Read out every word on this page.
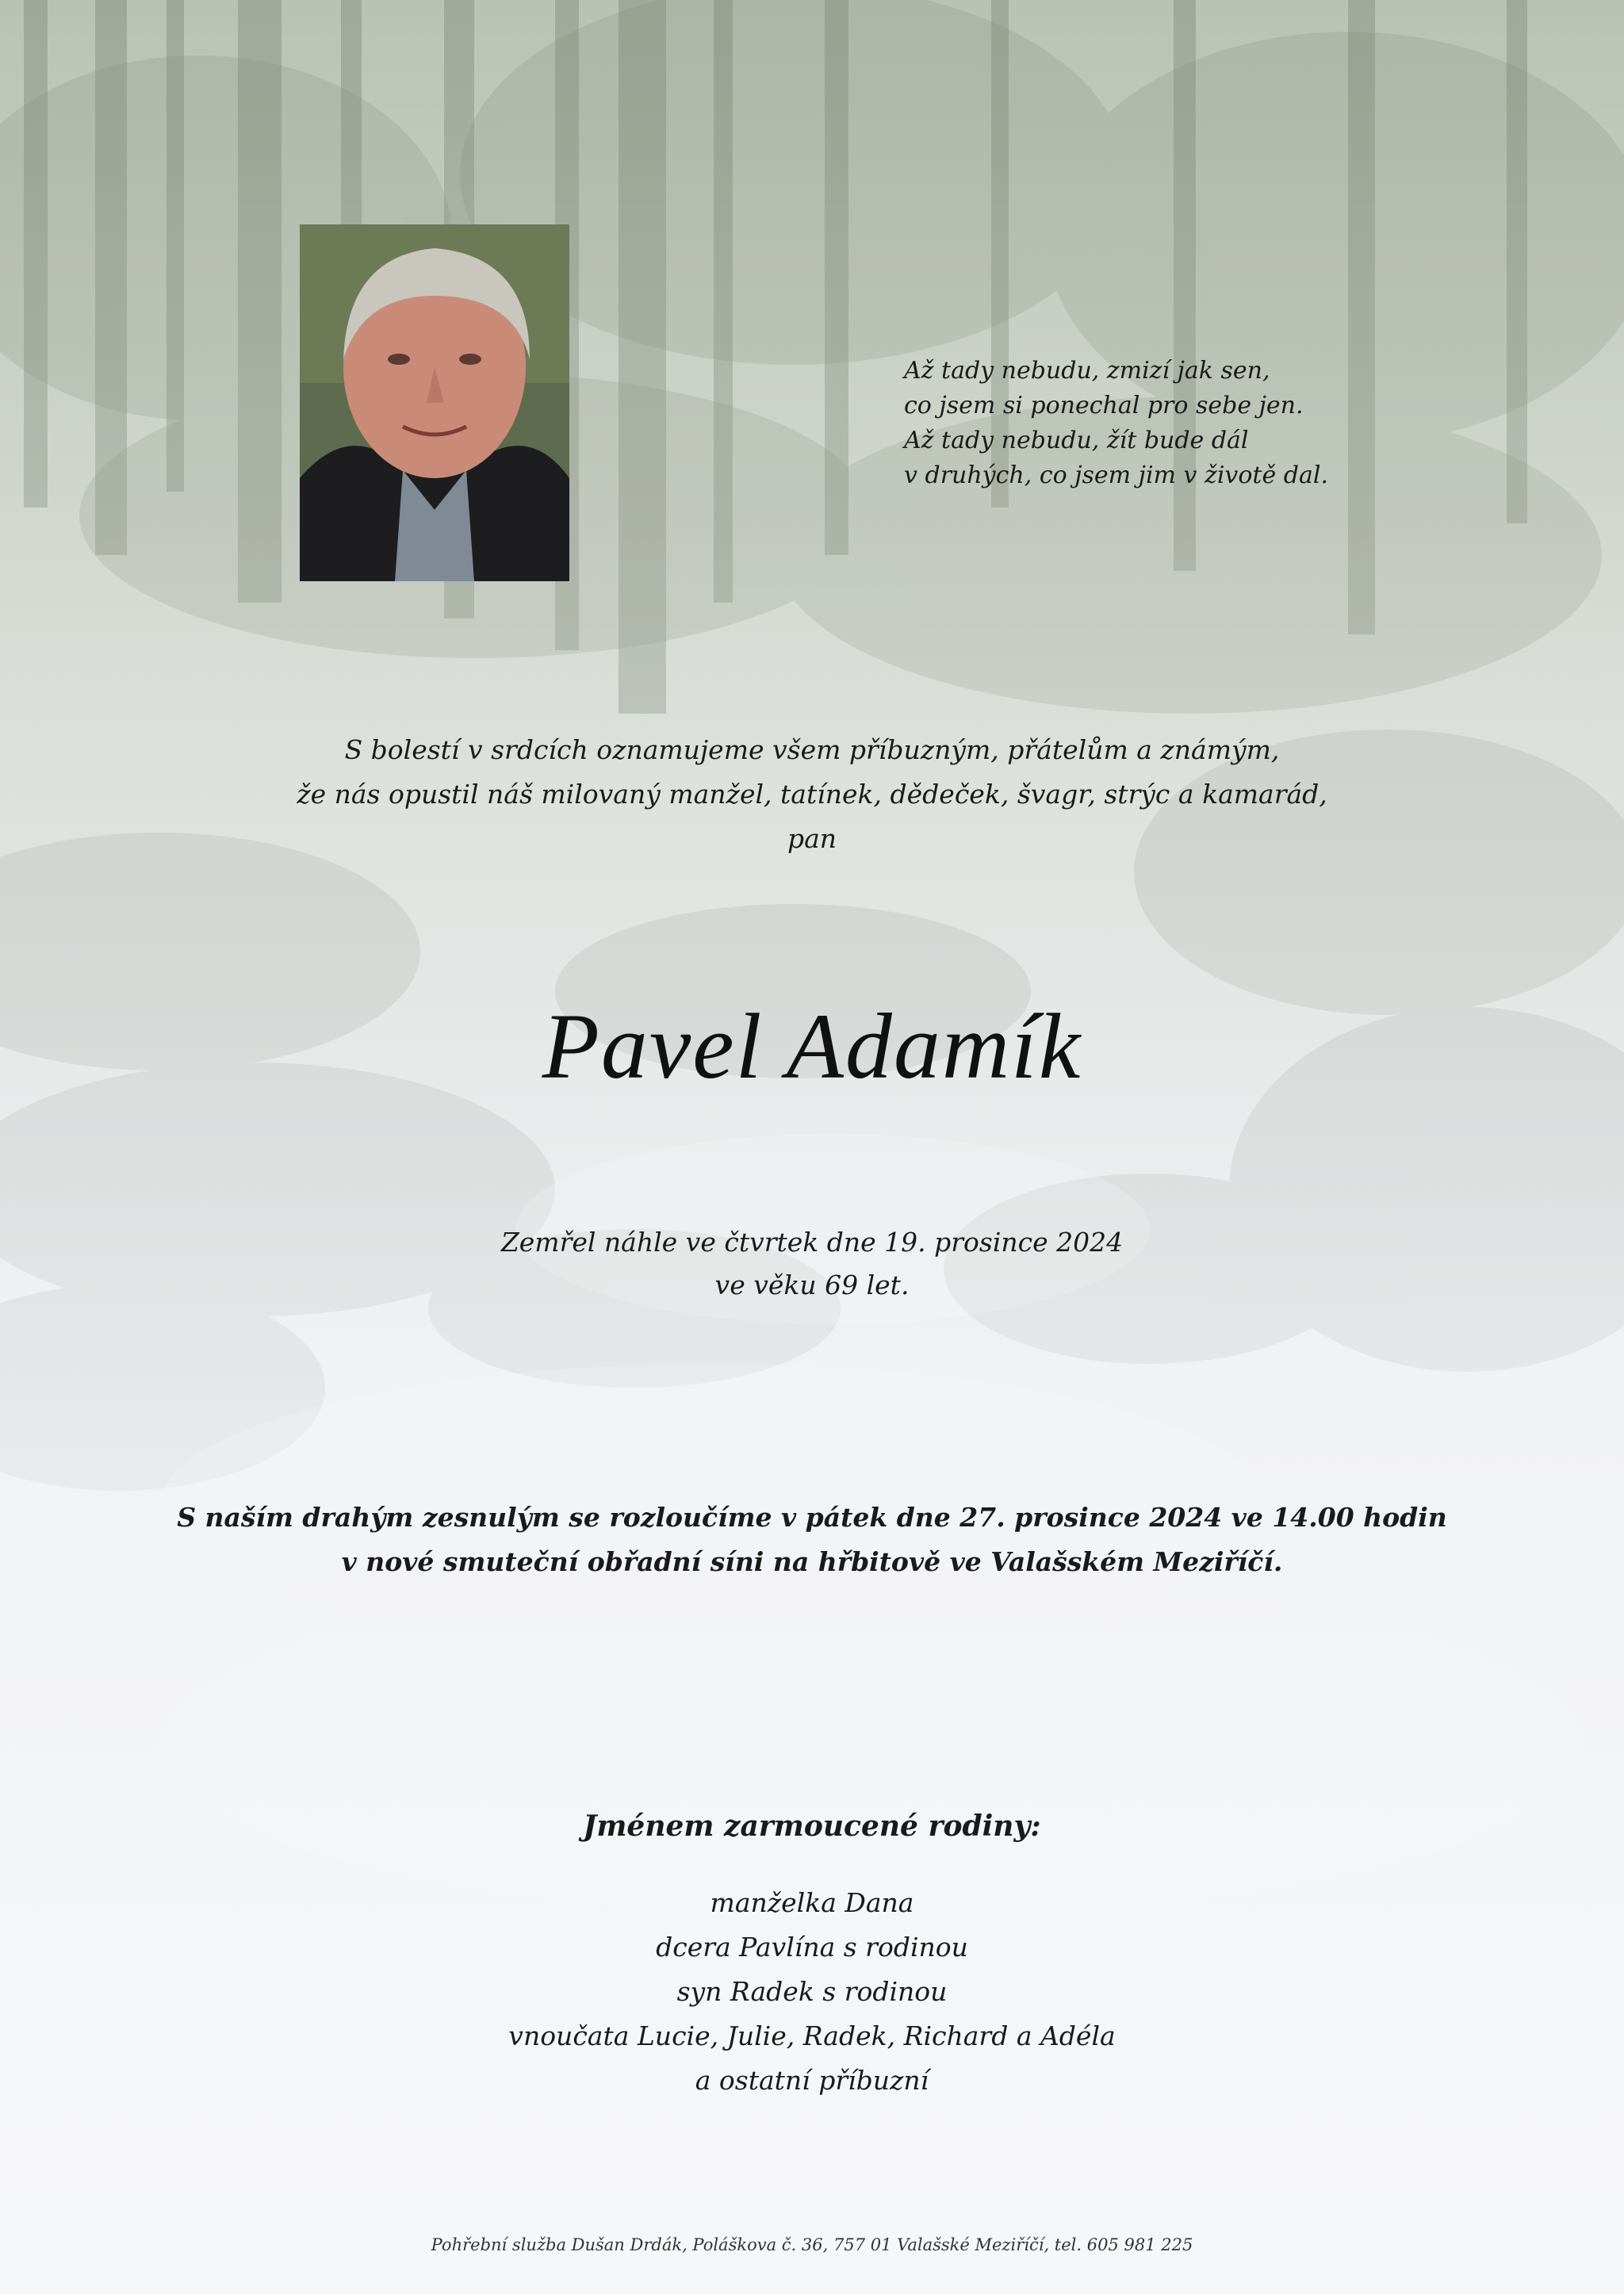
Až tady nebudu, zmizí jak sen,
co jsem si ponechal pro sebe jen.
Až tady nebudu, žít bude dál
v druhých, co jsem jim v životě dal.
S bolestí v srdcích oznamujeme všem příbuzným, přátelům a známým,
že nás opustil náš milovaný manžel, tatínek, dědeček, švagr, strýc a kamarád,
pan
Pavel Adamík
Zemřel náhle ve čtvrtek dne 19. prosince 2024
ve věku 69 let.
S naším drahým zesnulým se rozloučíme v pátek dne 27. prosince 2024 ve 14.00 hodin
v nové smuteční obřadní síni na hřbitově ve Valašském Meziříčí.
Jménem zarmoucené rodiny:
manželka Dana
dcera Pavlína s rodinou
syn Radek s rodinou
vnoučata Lucie, Julie, Radek, Richard a Adéla
a ostatní příbuzní
Pohřební služba Dušan Drdák, Poláškova č. 36, 757 01 Valašské Meziříčí, tel. 605 981 225
